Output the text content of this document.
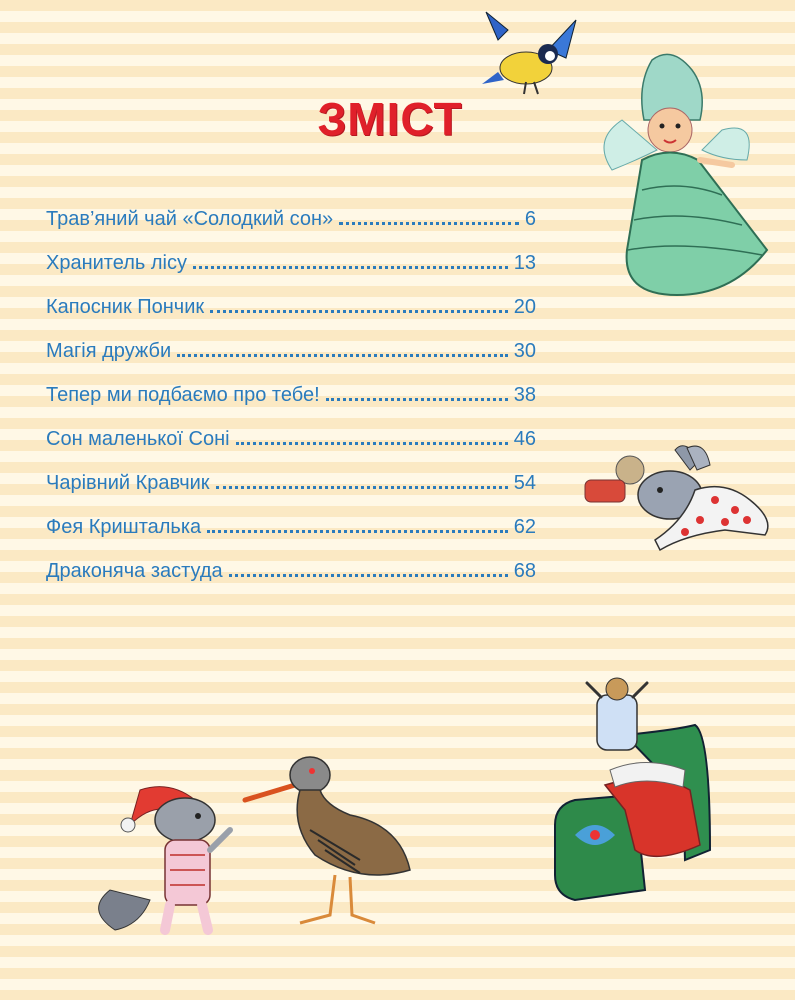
ЗМІСТ
Трав’яний чай «Солодкий сон»	6
Хранитель лісу	13
Капосник Пончик	20
Магія дружби	30
Тепер ми подбаємо про тебе!	38
Сон маленької Соні	46
Чарівний Кравчик	54
Фея Кришталька	62
Драконяча застуда	68
